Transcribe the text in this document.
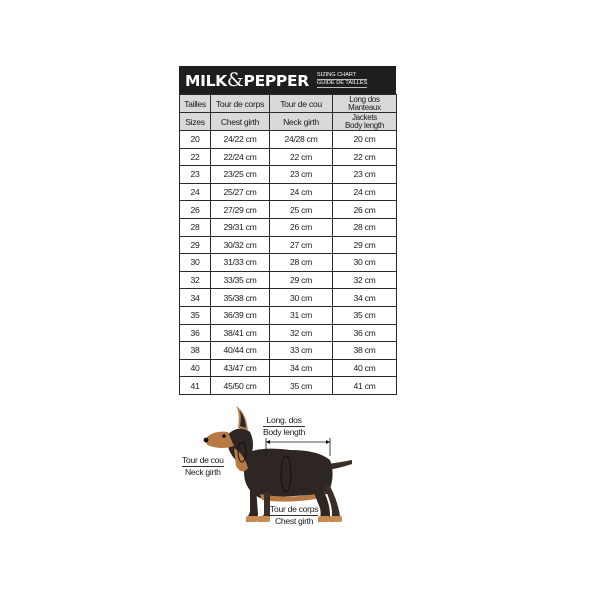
MILK&PEPPER SIZING CHART
GUIDE DE TAILLES
Tailles	Tour de corps	Tour de cou	Long dos
Manteaux
Sizes	Chest girth	Neck girth	Jackets
Body length
20	24/22 cm	24/28 cm	20 cm
22	22/24 cm	22 cm	22 cm
23	23/25 cm	23 cm	23 cm
24	25/27 cm	24 cm	24 cm
26	27/29 cm	25 cm	26 cm
28	29/31 cm	26 cm	28 cm
29	30/32 cm	27 cm	29 cm
30	31/33 cm	28 cm	30 cm
32	33/35 cm	29 cm	32 cm
34	35/38 cm	30 cm	34 cm
35	36/39 cm	31 cm	35 cm
36	38/41 cm	32 cm	36 cm
38	40/44 cm	33 cm	38 cm
40	43/47 cm	34 cm	40 cm
41	45/50 cm	35 cm	41 cm
Long. dos
Body length
Tour de cou
Neck girth
Tour de corps
Chest girth
